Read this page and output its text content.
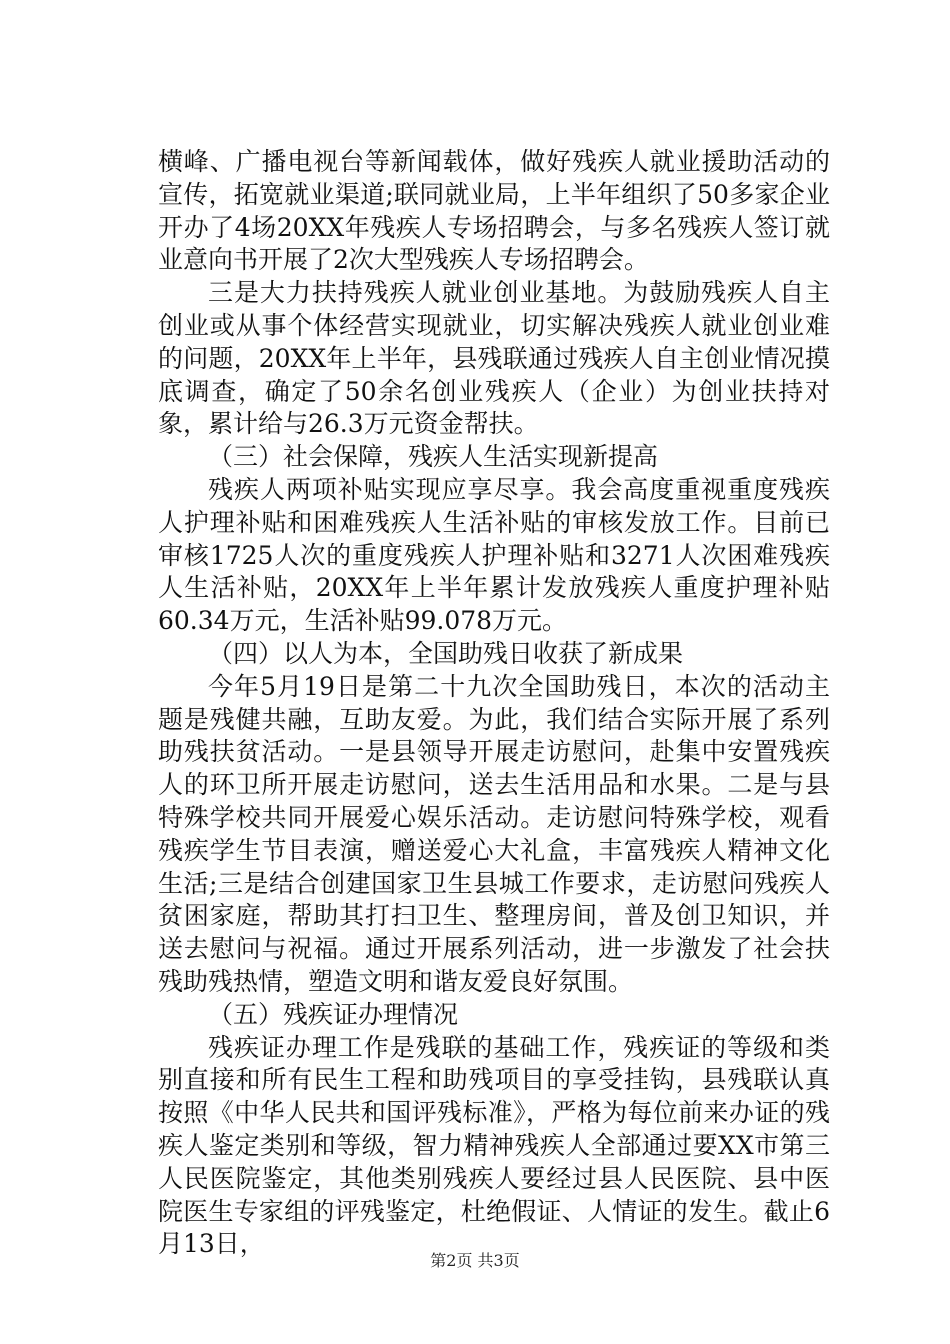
横峰、广播电视台等新闻载体，做好残疾人就业援助活动的宣传，拓宽就业渠道;联同就业局，上半年组织了50多家企业开办了4场20XX年残疾人专场招聘会，与多名残疾人签订就业意向书开展了2次大型残疾人专场招聘会。

三是大力扶持残疾人就业创业基地。为鼓励残疾人自主创业或从事个体经营实现就业，切实解决残疾人就业创业难的问题，20XX年上半年，县残联通过残疾人自主创业情况摸底调查，确定了50余名创业残疾人（企业）为创业扶持对象，累计给与26.3万元资金帮扶。

（三）社会保障，残疾人生活实现新提高

残疾人两项补贴实现应享尽享。我会高度重视重度残疾人护理补贴和困难残疾人生活补贴的审核发放工作。目前已审核1725人次的重度残疾人护理补贴和3271人次困难残疾人生活补贴，20XX年上半年累计发放残疾人重度护理补贴60.34万元，生活补贴99.078万元。

（四）以人为本，全国助残日收获了新成果

今年5月19日是第二十九次全国助残日，本次的活动主题是残健共融，互助友爱。为此，我们结合实际开展了系列助残扶贫活动。一是县领导开展走访慰问，赴集中安置残疾人的环卫所开展走访慰问，送去生活用品和水果。二是与县特殊学校共同开展爱心娱乐活动。走访慰问特殊学校，观看残疾学生节目表演，赠送爱心大礼盒，丰富残疾人精神文化生活;三是结合创建国家卫生县城工作要求，走访慰问残疾人贫困家庭，帮助其打扫卫生、整理房间，普及创卫知识，并送去慰问与祝福。通过开展系列活动，进一步激发了社会扶残助残热情，塑造文明和谐友爱良好氛围。

（五）残疾证办理情况

残疾证办理工作是残联的基础工作，残疾证的等级和类别直接和所有民生工程和助残项目的享受挂钩，县残联认真按照《中华人民共和国评残标准》，严格为每位前来办证的残疾人鉴定类别和等级，智力精神残疾人全部通过要XX市第三人民医院鉴定，其他类别残疾人要经过县人民医院、县中医院医生专家组的评残鉴定，杜绝假证、人情证的发生。截止6月13日，

第2页 共3页
